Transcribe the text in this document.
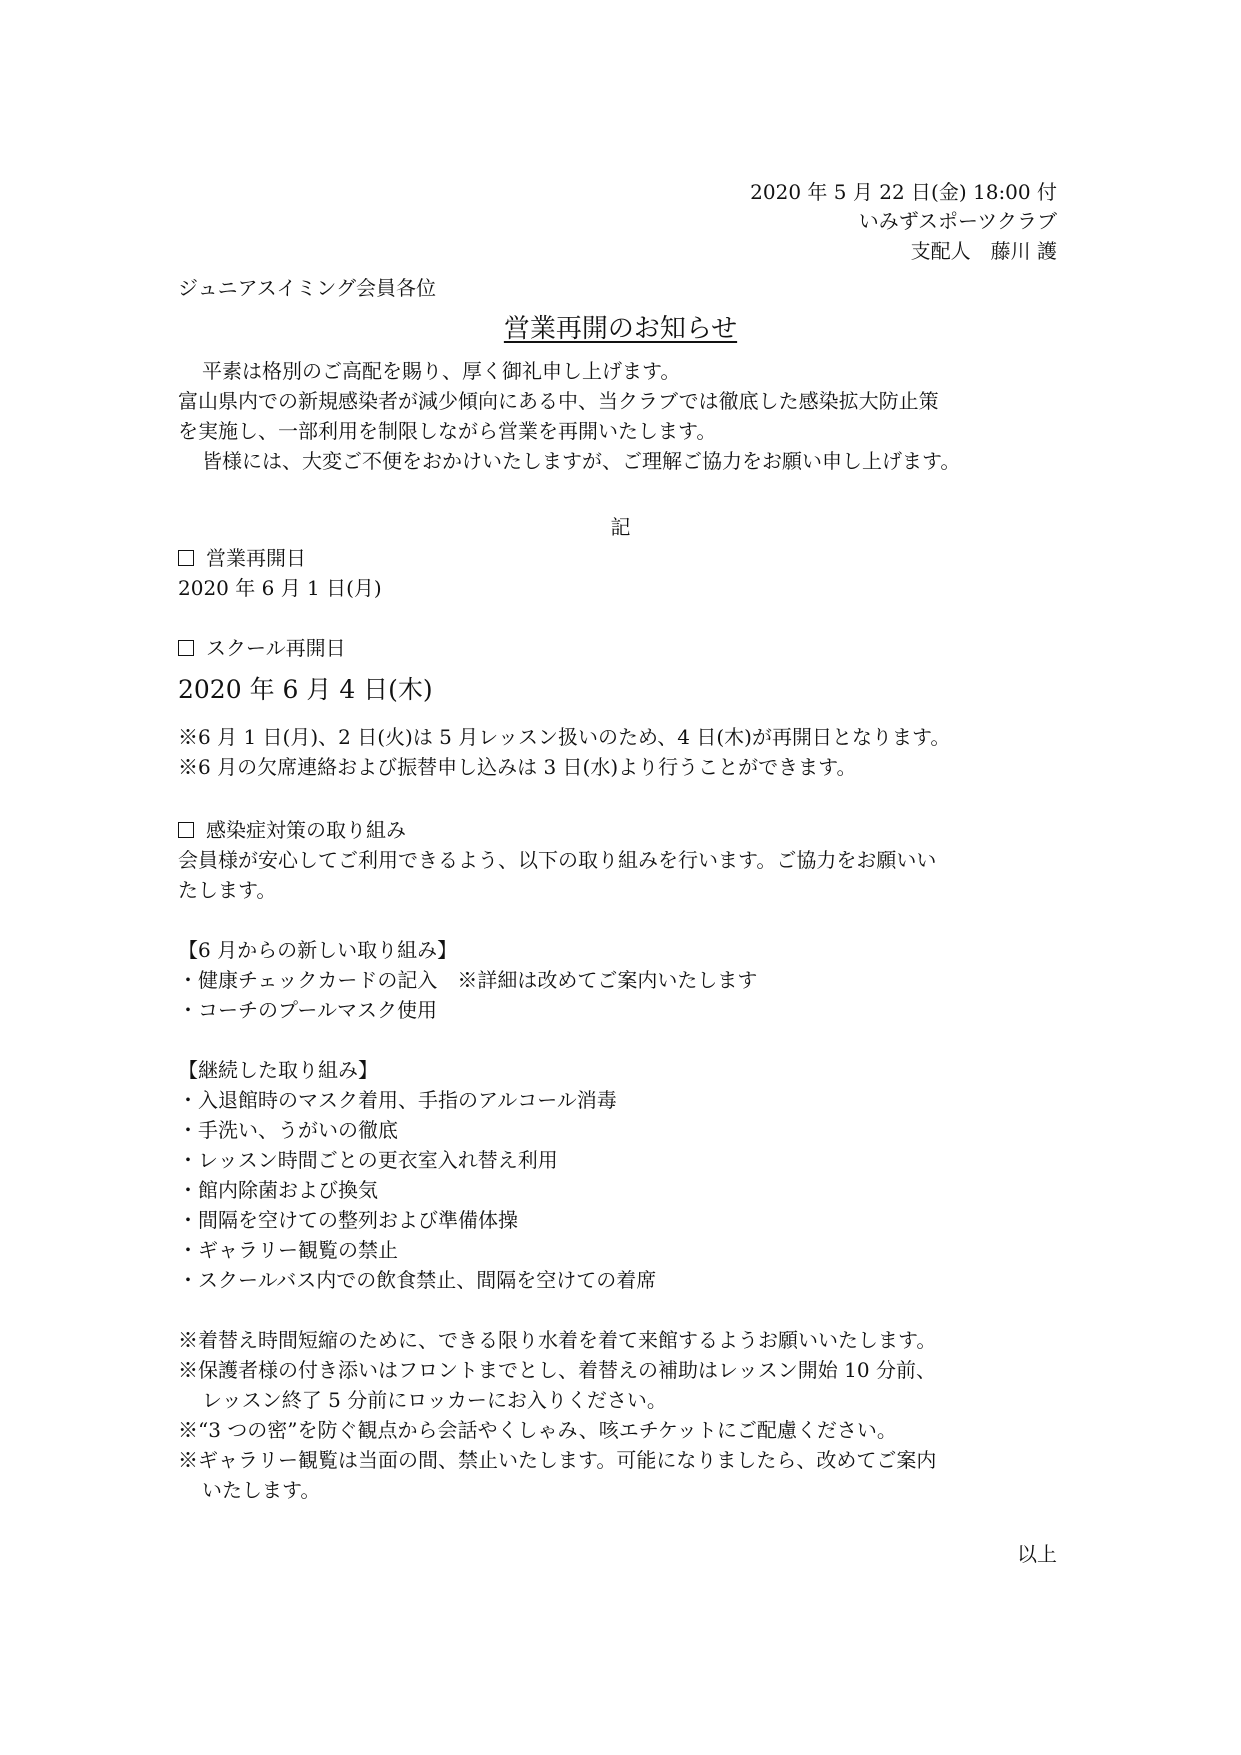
2020 年 5 月 22 日(金) 18:00 付
いみずスポーツクラブ
支配人　藤川 護
ジュニアスイミング会員各位
営業再開のお知らせ
平素は格別のご高配を賜り、厚く御礼申し上げます。
富山県内での新規感染者が減少傾向にある中、当クラブでは徹底した感染拡大防止策
を実施し、一部利用を制限しながら営業を再開いたします。
皆様には、大変ご不便をおかけいたしますが、ご理解ご協力をお願い申し上げます。
記
営業再開日
2020 年 6 月 1 日(月)
スクール再開日
2020 年 6 月 4 日(木)
※6 月 1 日(月)、2 日(火)は 5 月レッスン扱いのため、4 日(木)が再開日となります。
※6 月の欠席連絡および振替申し込みは 3 日(水)より行うことができます。
感染症対策の取り組み
会員様が安心してご利用できるよう、以下の取り組みを行います。ご協力をお願いい
たします。
【6 月からの新しい取り組み】
・健康チェックカードの記入　※詳細は改めてご案内いたします
・コーチのプールマスク使用
【継続した取り組み】
・入退館時のマスク着用、手指のアルコール消毒
・手洗い、うがいの徹底
・レッスン時間ごとの更衣室入れ替え利用
・館内除菌および換気
・間隔を空けての整列および準備体操
・ギャラリー観覧の禁止
・スクールバス内での飲食禁止、間隔を空けての着席
※着替え時間短縮のために、できる限り水着を着て来館するようお願いいたします。
※保護者様の付き添いはフロントまでとし、着替えの補助はレッスン開始 10 分前、
レッスン終了 5 分前にロッカーにお入りください。
※“3 つの密”を防ぐ観点から会話やくしゃみ、咳エチケットにご配慮ください。
※ギャラリー観覧は当面の間、禁止いたします。可能になりましたら、改めてご案内
いたします。
以上
